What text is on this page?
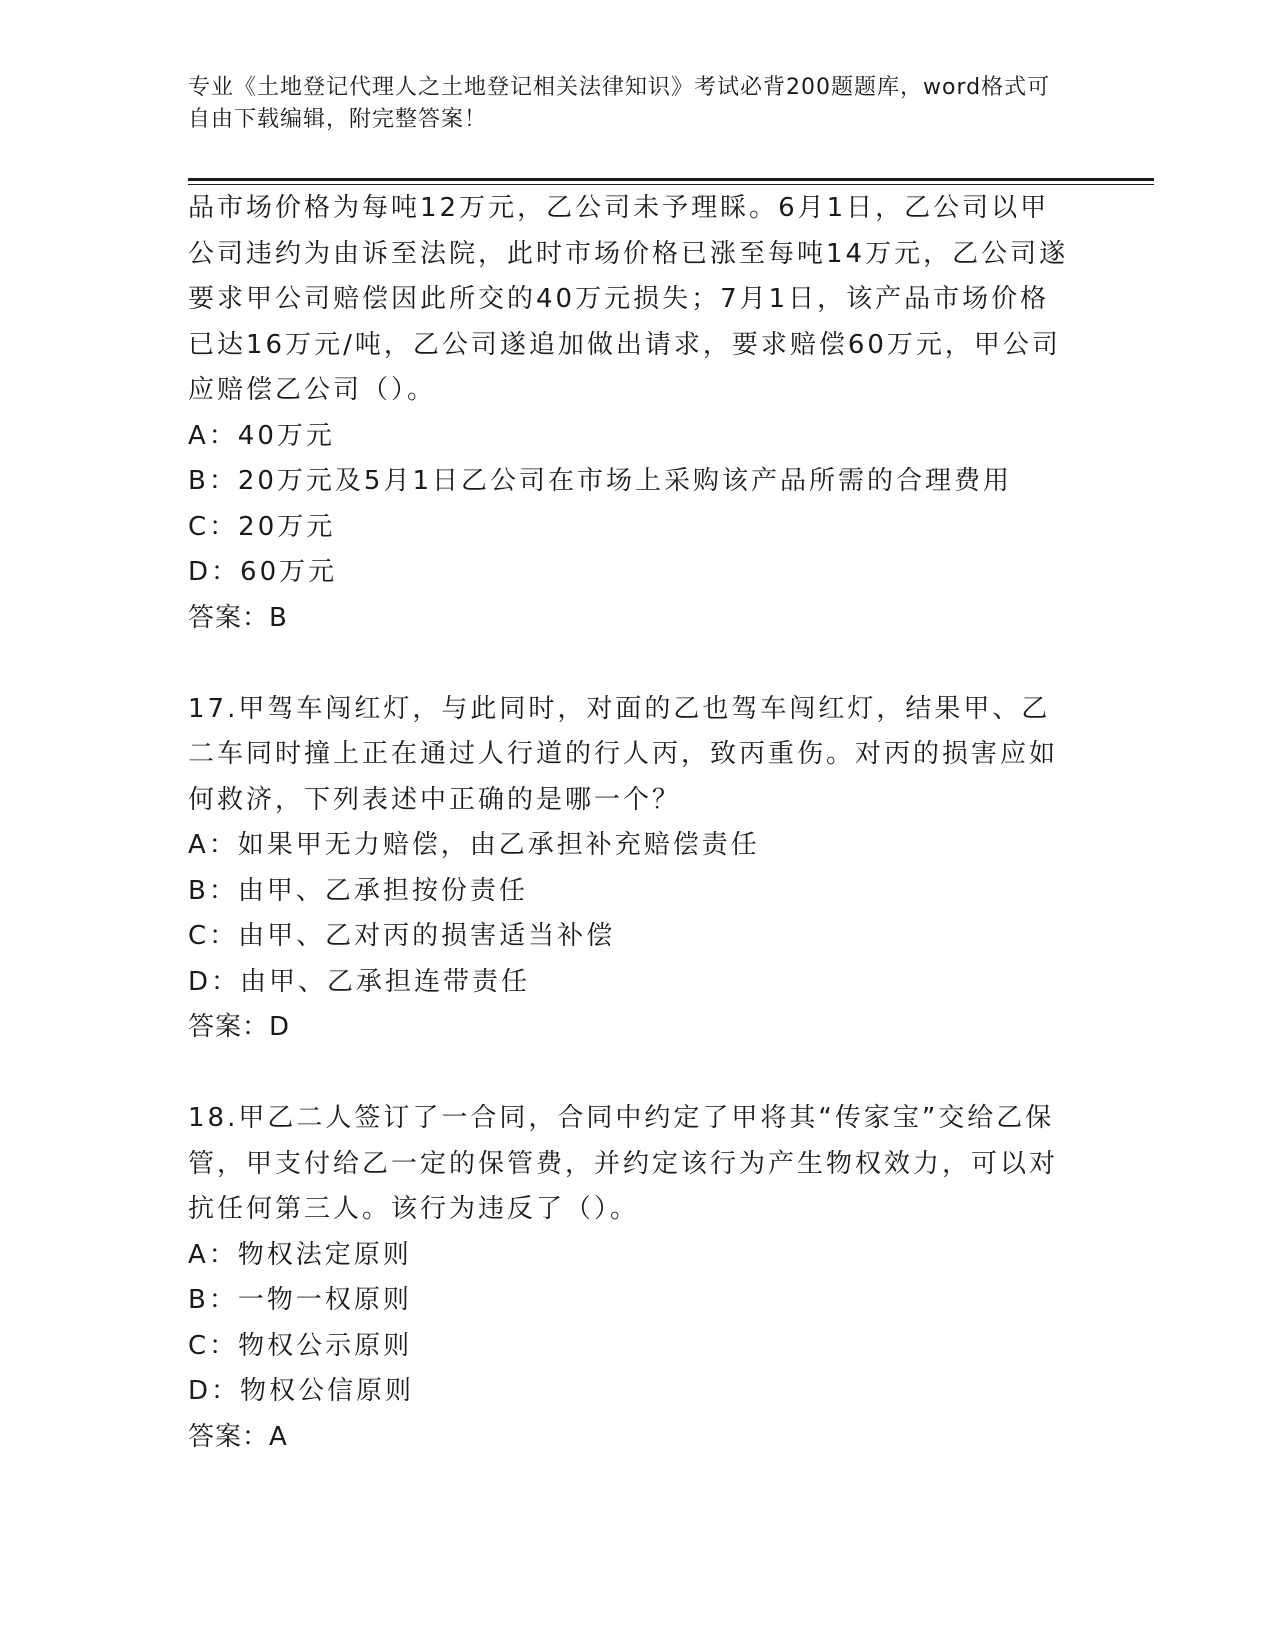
专业《土地登记代理人之土地登记相关法律知识》考试必背200题题库，word格式可自由下载编辑，附完整答案！

品市场价格为每吨12万元，乙公司未予理睬。6月1日，乙公司以甲公司违约为由诉至法院，此时市场价格已涨至每吨14万元，乙公司遂要求甲公司赔偿因此所交的40万元损失；7月1日，该产品市场价格已达16万元/吨，乙公司遂追加做出请求，要求赔偿60万元，甲公司应赔偿乙公司（）。

A：40万元

B：20万元及5月1日乙公司在市场上采购该产品所需的合理费用

C：20万元

D：60万元

答案：B

17.甲驾车闯红灯，与此同时，对面的乙也驾车闯红灯，结果甲、乙二车同时撞上正在通过人行道的行人丙，致丙重伤。对丙的损害应如何救济，下列表述中正确的是哪一个？

A：如果甲无力赔偿，由乙承担补充赔偿责任

B：由甲、乙承担按份责任

C：由甲、乙对丙的损害适当补偿

D：由甲、乙承担连带责任

答案：D

18.甲乙二人签订了一合同，合同中约定了甲将其“传家宝”交给乙保管，甲支付给乙一定的保管费，并约定该行为产生物权效力，可以对抗任何第三人。该行为违反了（）。

A：物权法定原则

B：一物一权原则

C：物权公示原则

D：物权公信原则

答案：A
